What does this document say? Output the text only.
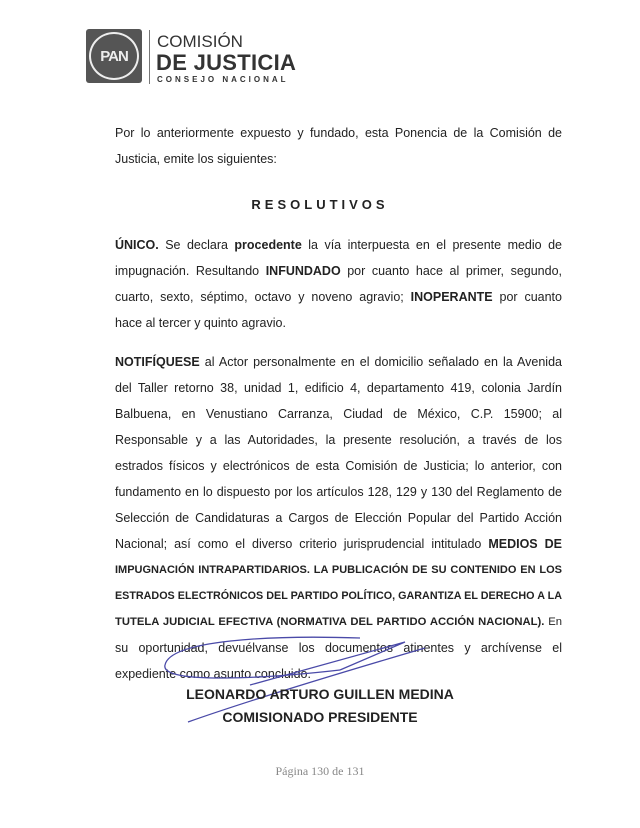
PAN
COMISIÓN
DE JUSTICIA
CONSEJO NACIONAL
Por lo anteriormente expuesto y fundado, esta Ponencia de la Comisión de
Justicia, emite los siguientes:
RESOLUTIVOS
ÚNICO. Se declara procedente la vía interpuesta en el presente medio de
impugnación. Resultando INFUNDADO por cuanto hace al primer, segundo,
cuarto, sexto, séptimo, octavo y noveno agravio; INOPERANTE por cuanto
hace al tercer y quinto agravio.
NOTIFÍQUESE al Actor personalmente en el domicilio señalado en la Avenida
del Taller retorno 38, unidad 1, edificio 4, departamento 419, colonia Jardín
Balbuena, en Venustiano Carranza, Ciudad de México, C.P. 15900; al
Responsable y a las Autoridades, la presente resolución, a través de los
estrados físicos y electrónicos de esta Comisión de Justicia; lo anterior, con
fundamento en lo dispuesto por los artículos 128, 129 y 130 del Reglamento de
Selección de Candidaturas a Cargos de Elección Popular del Partido Acción
Nacional; así como el diverso criterio jurisprudencial intitulado MEDIOS DE
IMPUGNACIÓN INTRAPARTIDARIOS. LA PUBLICACIÓN DE SU CONTENIDO EN LOS
ESTRADOS ELECTRÓNICOS DEL PARTIDO POLÍTICO, GARANTIZA EL DERECHO A LA
TUTELA JUDICIAL EFECTIVA (NORMATIVA DEL PARTIDO ACCIÓN NACIONAL). En
su oportunidad, devuélvanse los documentos atinentes y archívense el
expediente como asunto concluido.
LEONARDO ARTURO GUILLEN MEDINA
COMISIONADO PRESIDENTE
Página 130 de 131
